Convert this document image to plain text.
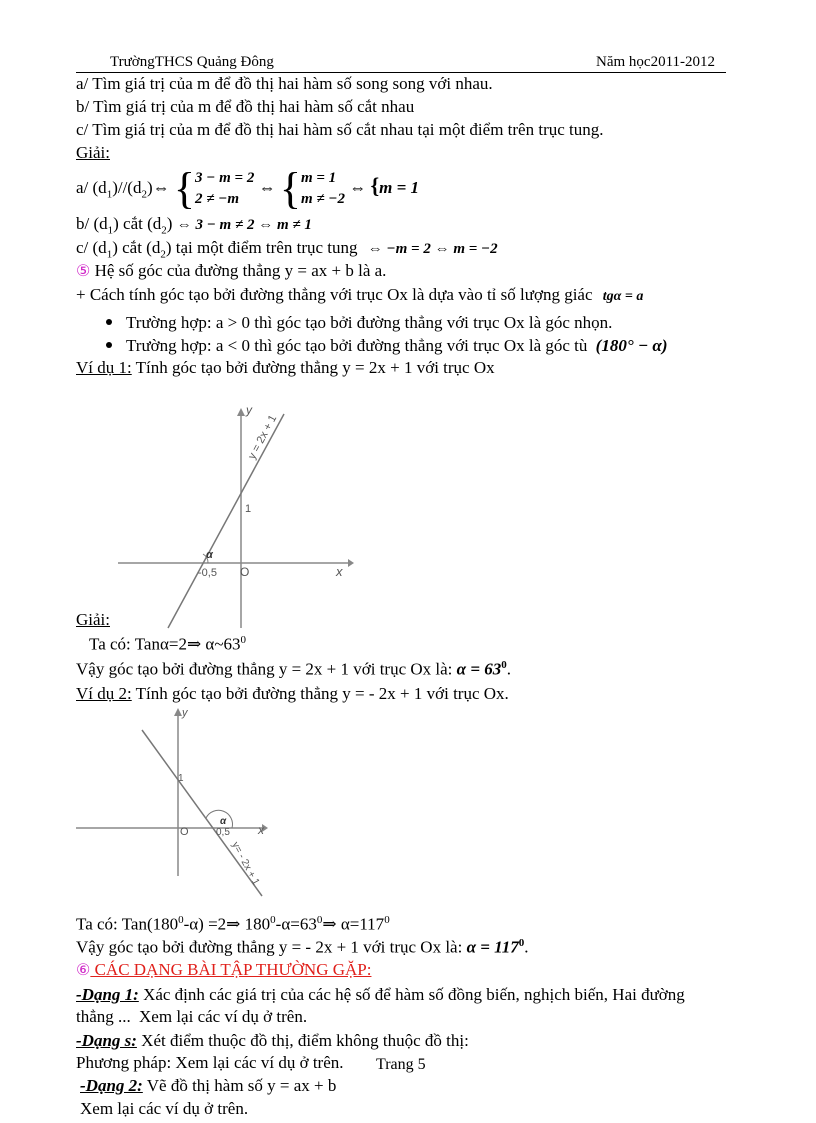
TrườngTHCS Quảng Đông	Năm học2011-2012
a/ Tìm giá trị của m để đồ thị hai hàm số song song với nhau.
b/ Tìm giá trị của m để đồ thị hai hàm số cắt nhau
c/ Tìm giá trị của m để đồ thị hai hàm số cắt nhau tại một điểm trên trục tung.
Giải:
a/ $(d_1)//(d_2)\Leftrightarrow$ {3 − m = 2
2 ≠ −m ⇔ {m = 1
m ≠ −2 ⇔ {m = 1
b/ $(d_1)$ cắt $(d_2)$ ⇔ 3 − m ≠ 2 ⇔ m ≠ 1
c/ $(d_1)$ cắt $(d_2)$ tại một điểm trên trục tung ⇔ −m = 2 ⇔ m = −2
⑤ Hệ số góc của đường thẳng y = ax + b là a.
+ Cách tính góc tạo bởi đường thẳng với trục Ox là dựa vào tỉ số lượng giác tgα = a
Trường hợp: a > 0 thì góc tạo bởi đường thẳng với trục Ox là góc nhọn.
Trường hợp: a < 0 thì góc tạo bởi đường thẳng với trục Ox là góc tù (180° − α)
Ví dụ 1: Tính góc tạo bởi đường thẳng y = 2x + 1 với trục Ox
y
x
y = 2x + 1
1
-0,5 O
α
Giải:
Ta có: Tanα=2⇒ $\alpha\sim 63^0$
Vậy góc tạo bởi đường thẳng y = 2x + 1 với trục Ox là: $\alpha = 63^0$.
Ví dụ 2: Tính góc tạo bởi đường thẳng y = - 2x + 1 với trục Ox.
y
x
y= - 2x + 1
1
0,5
O
α
Ta có: $Tan(180^0-\alpha)$ =2⇒ $180^0-\alpha=63^0\Rightarrow$ $\alpha=117^0$
Vậy góc tạo bởi đường thẳng y = - 2x + 1 với trục Ox là: $\alpha = 117^0$.
⑥ CÁC DẠNG BÀI TẬP THƯỜNG GẶP:
-Dạng 1: Xác định các giá trị của các hệ số để hàm số đồng biến, nghịch biến, Hai đường
thẳng ... Xem lại các ví dụ ở trên.
-Dạng s: Xét điểm thuộc đồ thị, điểm không thuộc đồ thị:
Phương pháp: Xem lại các ví dụ ở trên. Trang 5
-Dạng 2: Vẽ đồ thị hàm số y = ax + b
Xem lại các ví dụ ở trên.
